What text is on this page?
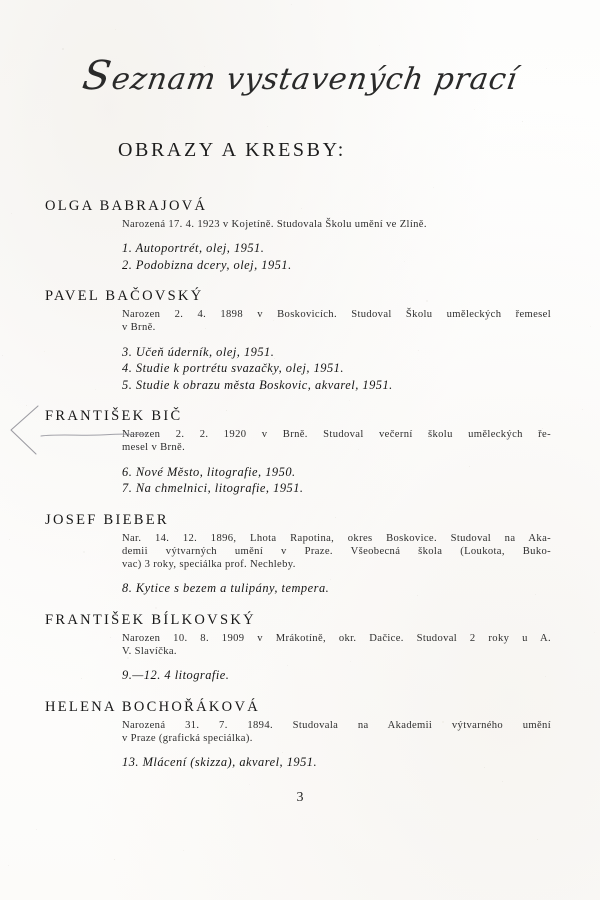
Seznam vystavených prací
OBRAZY A KRESBY:
OLGA BABRAJOVÁ
Narozená 17. 4. 1923 v Kojetíně. Studovala Školu umění ve Zlíně.
1. Autoportrét, olej, 1951.
2. Podobizna dcery, olej, 1951.
PAVEL BAČOVSKÝ
Narozen 2. 4. 1898 v Boskovicích. Studoval Školu uměleckých řemesel
v Brně.
3. Učeň úderník, olej, 1951.
4. Studie k portrétu svazačky, olej, 1951.
5. Studie k obrazu města Boskovic, akvarel, 1951.
FRANTIŠEK BIČ
Narozen 2. 2. 1920 v Brně. Studoval večerní školu uměleckých ře-
mesel v Brně.
6. Nové Město, litografie, 1950.
7. Na chmelnici, litografie, 1951.
JOSEF BIEBER
Nar. 14. 12. 1896, Lhota Rapotina, okres Boskovice. Studoval na Aka-
demii výtvarných umění v Praze. Všeobecná škola (Loukota, Buko-
vac) 3 roky, speciálka prof. Nechleby.
8. Kytice s bezem a tulipány, tempera.
FRANTIŠEK BÍLKOVSKÝ
Narozen 10. 8. 1909 v Mrákotíně, okr. Dačice. Studoval 2 roky u A.
V. Slavíčka.
9.—12. 4 litografie.
HELENA BOCHOŘÁKOVÁ
Narozená 31. 7. 1894. Studovala na Akademii výtvarného umění
v Praze (grafická speciálka).
13. Mlácení (skizza), akvarel, 1951.
3
